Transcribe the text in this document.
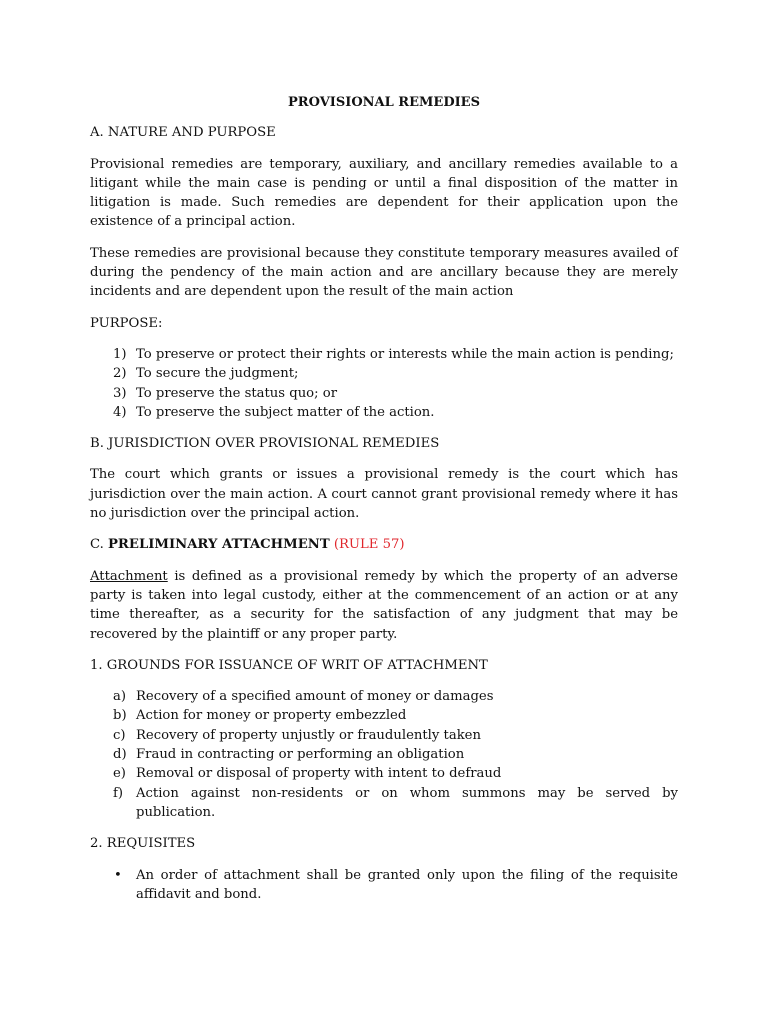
PROVISIONAL REMEDIES
A. NATURE AND PURPOSE

Provisional remedies are temporary, auxiliary, and ancillary remedies available to a litigant while the main case is pending or until a final disposition of the matter in litigation is made. Such remedies are dependent for their application upon the existence of a principal action.

These remedies are provisional because they constitute temporary measures availed of during the pendency of the main action and are ancillary because they are merely incidents and are dependent upon the result of the main action

PURPOSE:
1) To preserve or protect their rights or interests while the main action is pending;
2) To secure the judgment;
3) To preserve the status quo; or
4) To preserve the subject matter of the action.
B. JURISDICTION OVER PROVISIONAL REMEDIES

The court which grants or issues a provisional remedy is the court which has jurisdiction over the main action. A court cannot grant provisional remedy where it has no jurisdiction over the principal action.

C. PRELIMINARY ATTACHMENT (RULE 57)

Attachment is defined as a provisional remedy by which the property of an adverse party is taken into legal custody, either at the commencement of an action or at any time thereafter, as a security for the satisfaction of any judgment that may be recovered by the plaintiff or any proper party.

1. GROUNDS FOR ISSUANCE OF WRIT OF ATTACHMENT
a) Recovery of a specified amount of money or damages
b) Action for money or property embezzled
c) Recovery of property unjustly or fraudulently taken
d) Fraud in contracting or performing an obligation
e) Removal or disposal of property with intent to defraud
f) Action against non-residents or on whom summons may be served by publication.
2. REQUISITES
• An order of attachment shall be granted only upon the filing of the requisite affidavit and bond.
